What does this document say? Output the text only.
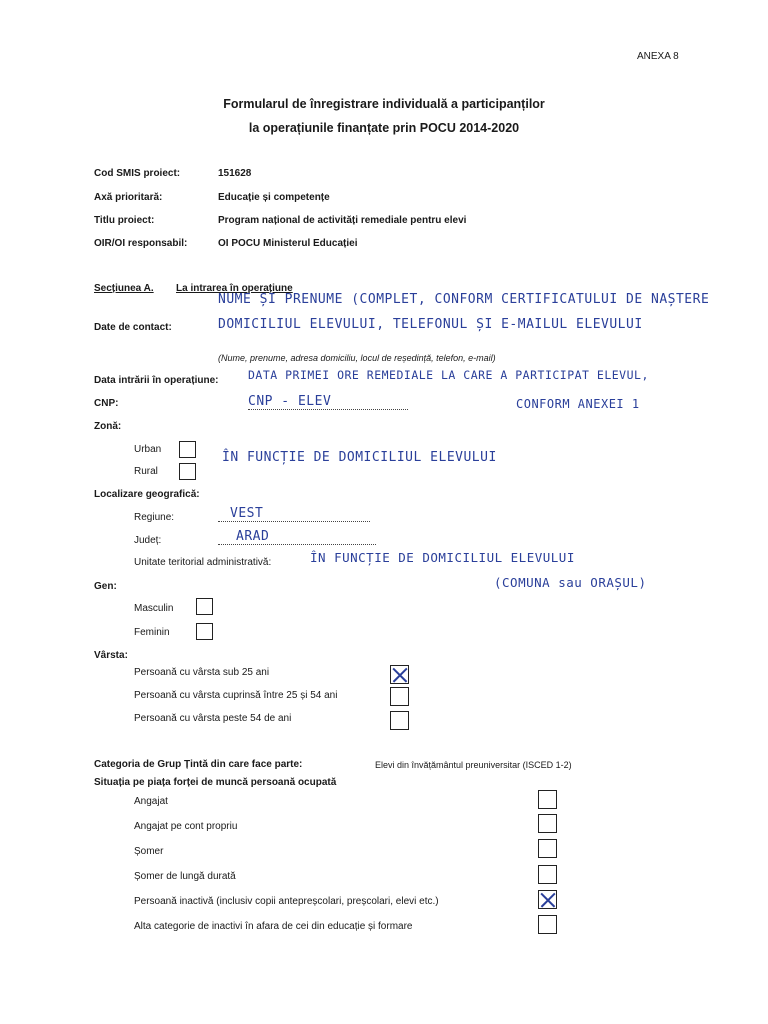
ANEXA 8
Formularul de înregistrare individuală a participanților
la operațiunile finanțate prin POCU 2014-2020
Cod SMIS proiect:	151628
Axă prioritară:	Educație și competențe
Titlu proiect:	Program național de activități remediale pentru elevi
OIR/OI responsabil:	OI POCU Ministerul Educației
Secțiunea A. La intrarea în operațiune
NUME ȘI PRENUME (COMPLET, CONFORM CERTIFICATULUI DE NAȘTERE
Date de contact:	DOMICILIUL ELEVULUI, TELEFONUL ȘI E-MAILUL ELEVULUI
(Nume, prenume, adresa domiciliu, locul de reședință, telefon, e-mail)
Data intrării în operațiune:	DATA PRIMEI ORE REMEDIALE LA CARE A PARTICIPAT ELEVUL,
CONFORM ANEXEI 1
CNP:	CNP - ELEV
Zonă:
Urban
Rural
ÎN FUNCȚIE DE DOMICILIUL ELEVULUI
Localizare geografică:
Regiune:	VEST
Județ:	ARAD
Unitate teritorial administrativă:	ÎN FUNCȚIE DE DOMICILIUL ELEVULUI
(COMUNA sau ORAȘUL)
Gen:
Masculin
Feminin
Vârsta:
Persoană cu vârsta sub 25 ani
Persoană cu vârsta cuprinsă între 25 și 54 ani
Persoană cu vârsta peste 54 de ani
Categoria de Grup Țintă din care face parte:	Elevi din învățământul preuniversitar (ISCED 1-2)
Situația pe piața forței de muncă persoană ocupată
Angajat
Angajat pe cont propriu
Șomer
Șomer de lungă durată
Persoană inactivă (inclusiv copii antepreșcolari, preșcolari, elevi etc.)
Alta categorie de inactivi în afara de cei din educație și formare
